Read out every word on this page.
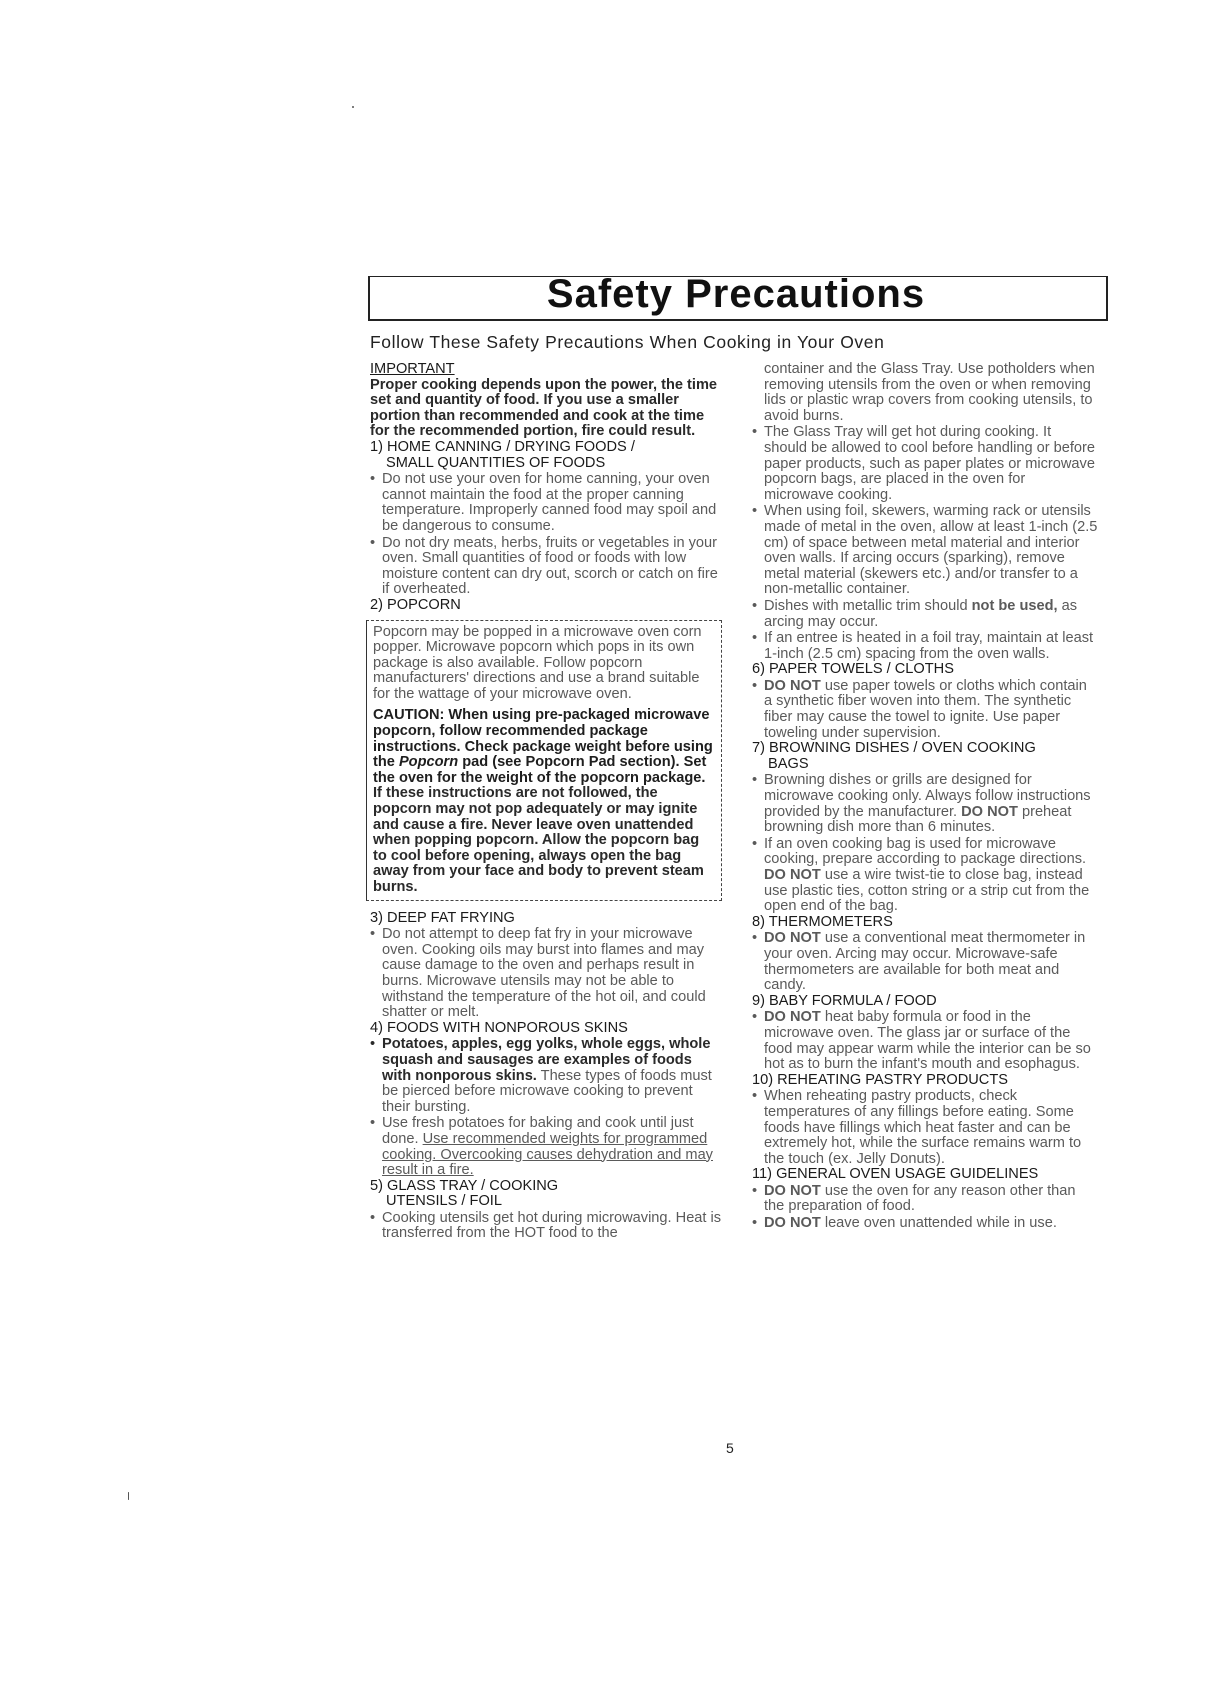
Safety Precautions
Follow These Safety Precautions When Cooking in Your Oven

IMPORTANT

Proper cooking depends upon the power, the time set and quantity of food. If you use a smaller portion than recommended and cook at the time for the recommended portion, fire could result.

1) HOME CANNING / DRYING FOODS /
SMALL QUANTITIES OF FOODS

• Do not use your oven for home canning, your oven cannot maintain the food at the proper canning temperature. Improperly canned food may spoil and be dangerous to consume.

• Do not dry meats, herbs, fruits or vegetables in your oven. Small quantities of food or foods with low moisture content can dry out, scorch or catch on fire if overheated.

2) POPCORN

Popcorn may be popped in a microwave oven corn popper. Microwave popcorn which pops in its own package is also available. Follow popcorn manufacturers' directions and use a brand suitable for the wattage of your microwave oven.

CAUTION: When using pre-packaged microwave popcorn, follow recommended package instructions. Check package weight before using the Popcorn pad (see Popcorn Pad section). Set the oven for the weight of the popcorn package.

If these instructions are not followed, the popcorn may not pop adequately or may ignite and cause a fire. Never leave oven unattended when popping popcorn. Allow the popcorn bag to cool before opening, always open the bag away from your face and body to prevent steam burns.

3) DEEP FAT FRYING

• Do not attempt to deep fat fry in your microwave oven. Cooking oils may burst into flames and may cause damage to the oven and perhaps result in burns. Microwave utensils may not be able to withstand the temperature of the hot oil, and could shatter or melt.

4) FOODS WITH NONPOROUS SKINS

• Potatoes, apples, egg yolks, whole eggs, whole squash and sausages are examples of foods with nonporous skins. These types of foods must be pierced before microwave cooking to prevent their bursting.

• Use fresh potatoes for baking and cook until just done. Use recommended weights for programmed cooking. Overcooking causes dehydration and may result in a fire.

5) GLASS TRAY / COOKING
UTENSILS / FOIL

• Cooking utensils get hot during microwaving. Heat is transferred from the HOT food to the

container and the Glass Tray. Use potholders when removing utensils from the oven or when removing lids or plastic wrap covers from cooking utensils, to avoid burns.

• The Glass Tray will get hot during cooking. It should be allowed to cool before handling or before paper products, such as paper plates or microwave popcorn bags, are placed in the oven for microwave cooking.

• When using foil, skewers, warming rack or utensils made of metal in the oven, allow at least 1-inch (2.5 cm) of space between metal material and interior oven walls. If arcing occurs (sparking), remove metal material (skewers etc.) and/or transfer to a non-metallic container.

• Dishes with metallic trim should not be used, as arcing may occur.

• If an entree is heated in a foil tray, maintain at least 1-inch (2.5 cm) spacing from the oven walls.

6) PAPER TOWELS / CLOTHS

• DO NOT use paper towels or cloths which contain a synthetic fiber woven into them. The synthetic fiber may cause the towel to ignite. Use paper toweling under supervision.

7) BROWNING DISHES / OVEN COOKING
BAGS

• Browning dishes or grills are designed for microwave cooking only. Always follow instructions provided by the manufacturer. DO NOT preheat browning dish more than 6 minutes.

• If an oven cooking bag is used for microwave cooking, prepare according to package directions. DO NOT use a wire twist-tie to close bag, instead use plastic ties, cotton string or a strip cut from the open end of the bag.

8) THERMOMETERS

• DO NOT use a conventional meat thermometer in your oven. Arcing may occur. Microwave-safe thermometers are available for both meat and candy.

9) BABY FORMULA / FOOD

• DO NOT heat baby formula or food in the microwave oven. The glass jar or surface of the food may appear warm while the interior can be so hot as to burn the infant's mouth and esophagus.

10) REHEATING PASTRY PRODUCTS

• When reheating pastry products, check temperatures of any fillings before eating. Some foods have fillings which heat faster and can be extremely hot, while the surface remains warm to the touch (ex. Jelly Donuts).

11) GENERAL OVEN USAGE GUIDELINES

• DO NOT use the oven for any reason other than the preparation of food.

• DO NOT leave oven unattended while in use.

5
